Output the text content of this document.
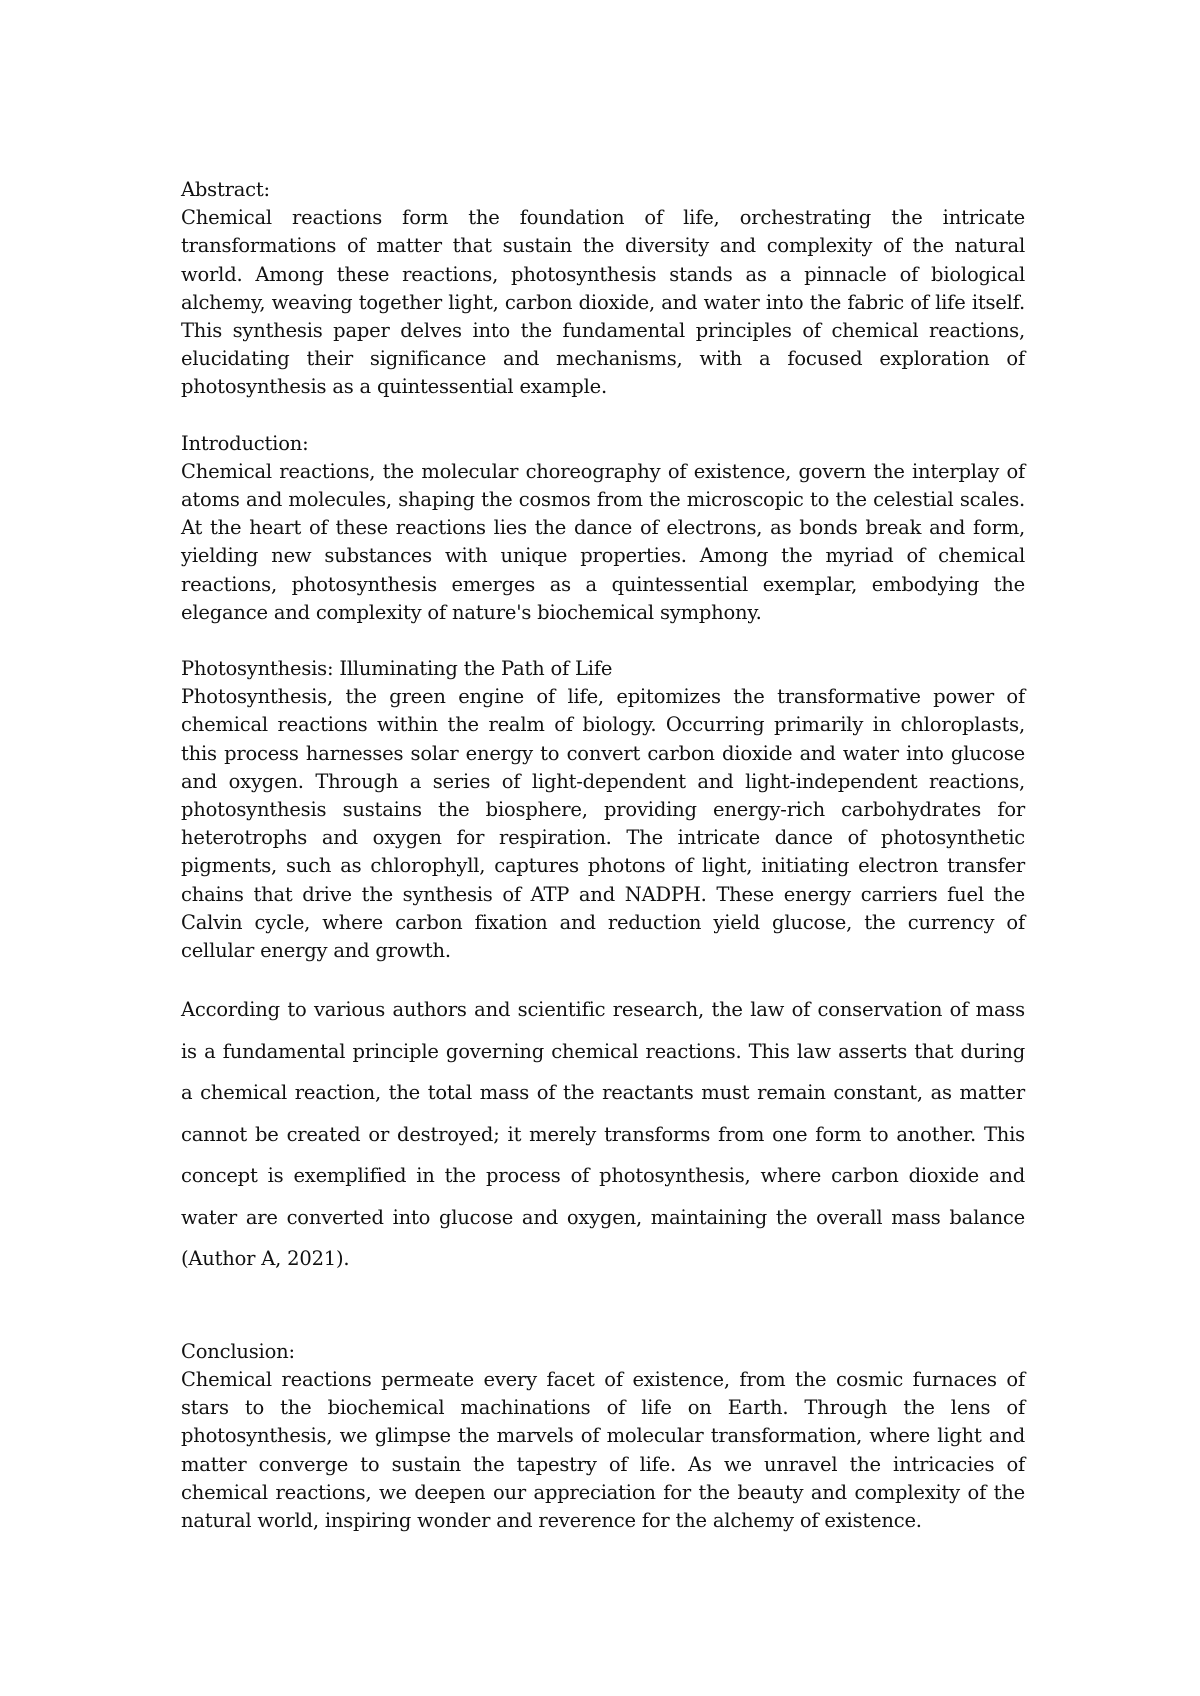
Abstract:

Chemical reactions form the foundation of life, orchestrating the intricate transformations of matter that sustain the diversity and complexity of the natural world. Among these reactions, photosynthesis stands as a pinnacle of biological alchemy, weaving together light, carbon dioxide, and water into the fabric of life itself. This synthesis paper delves into the fundamental principles of chemical reactions, elucidating their significance and mechanisms, with a focused exploration of photosynthesis as a quintessential example.

Introduction:

Chemical reactions, the molecular choreography of existence, govern the interplay of atoms and molecules, shaping the cosmos from the microscopic to the celestial scales. At the heart of these reactions lies the dance of electrons, as bonds break and form, yielding new substances with unique properties. Among the myriad of chemical reactions, photosynthesis emerges as a quintessential exemplar, embodying the elegance and complexity of nature's biochemical symphony.

Photosynthesis: Illuminating the Path of Life

Photosynthesis, the green engine of life, epitomizes the transformative power of chemical reactions within the realm of biology. Occurring primarily in chloroplasts, this process harnesses solar energy to convert carbon dioxide and water into glucose and oxygen. Through a series of light-dependent and light-independent reactions, photosynthesis sustains the biosphere, providing energy-rich carbohydrates for heterotrophs and oxygen for respiration. The intricate dance of photosynthetic pigments, such as chlorophyll, captures photons of light, initiating electron transfer chains that drive the synthesis of ATP and NADPH. These energy carriers fuel the Calvin cycle, where carbon fixation and reduction yield glucose, the currency of cellular energy and growth.

According to various authors and scientific research, the law of conservation of mass is a fundamental principle governing chemical reactions. This law asserts that during a chemical reaction, the total mass of the reactants must remain constant, as matter cannot be created or destroyed; it merely transforms from one form to another. This concept is exemplified in the process of photosynthesis, where carbon dioxide and water are converted into glucose and oxygen, maintaining the overall mass balance (Author A, 2021).

Conclusion:

Chemical reactions permeate every facet of existence, from the cosmic furnaces of stars to the biochemical machinations of life on Earth. Through the lens of photosynthesis, we glimpse the marvels of molecular transformation, where light and matter converge to sustain the tapestry of life. As we unravel the intricacies of chemical reactions, we deepen our appreciation for the beauty and complexity of the natural world, inspiring wonder and reverence for the alchemy of existence.
